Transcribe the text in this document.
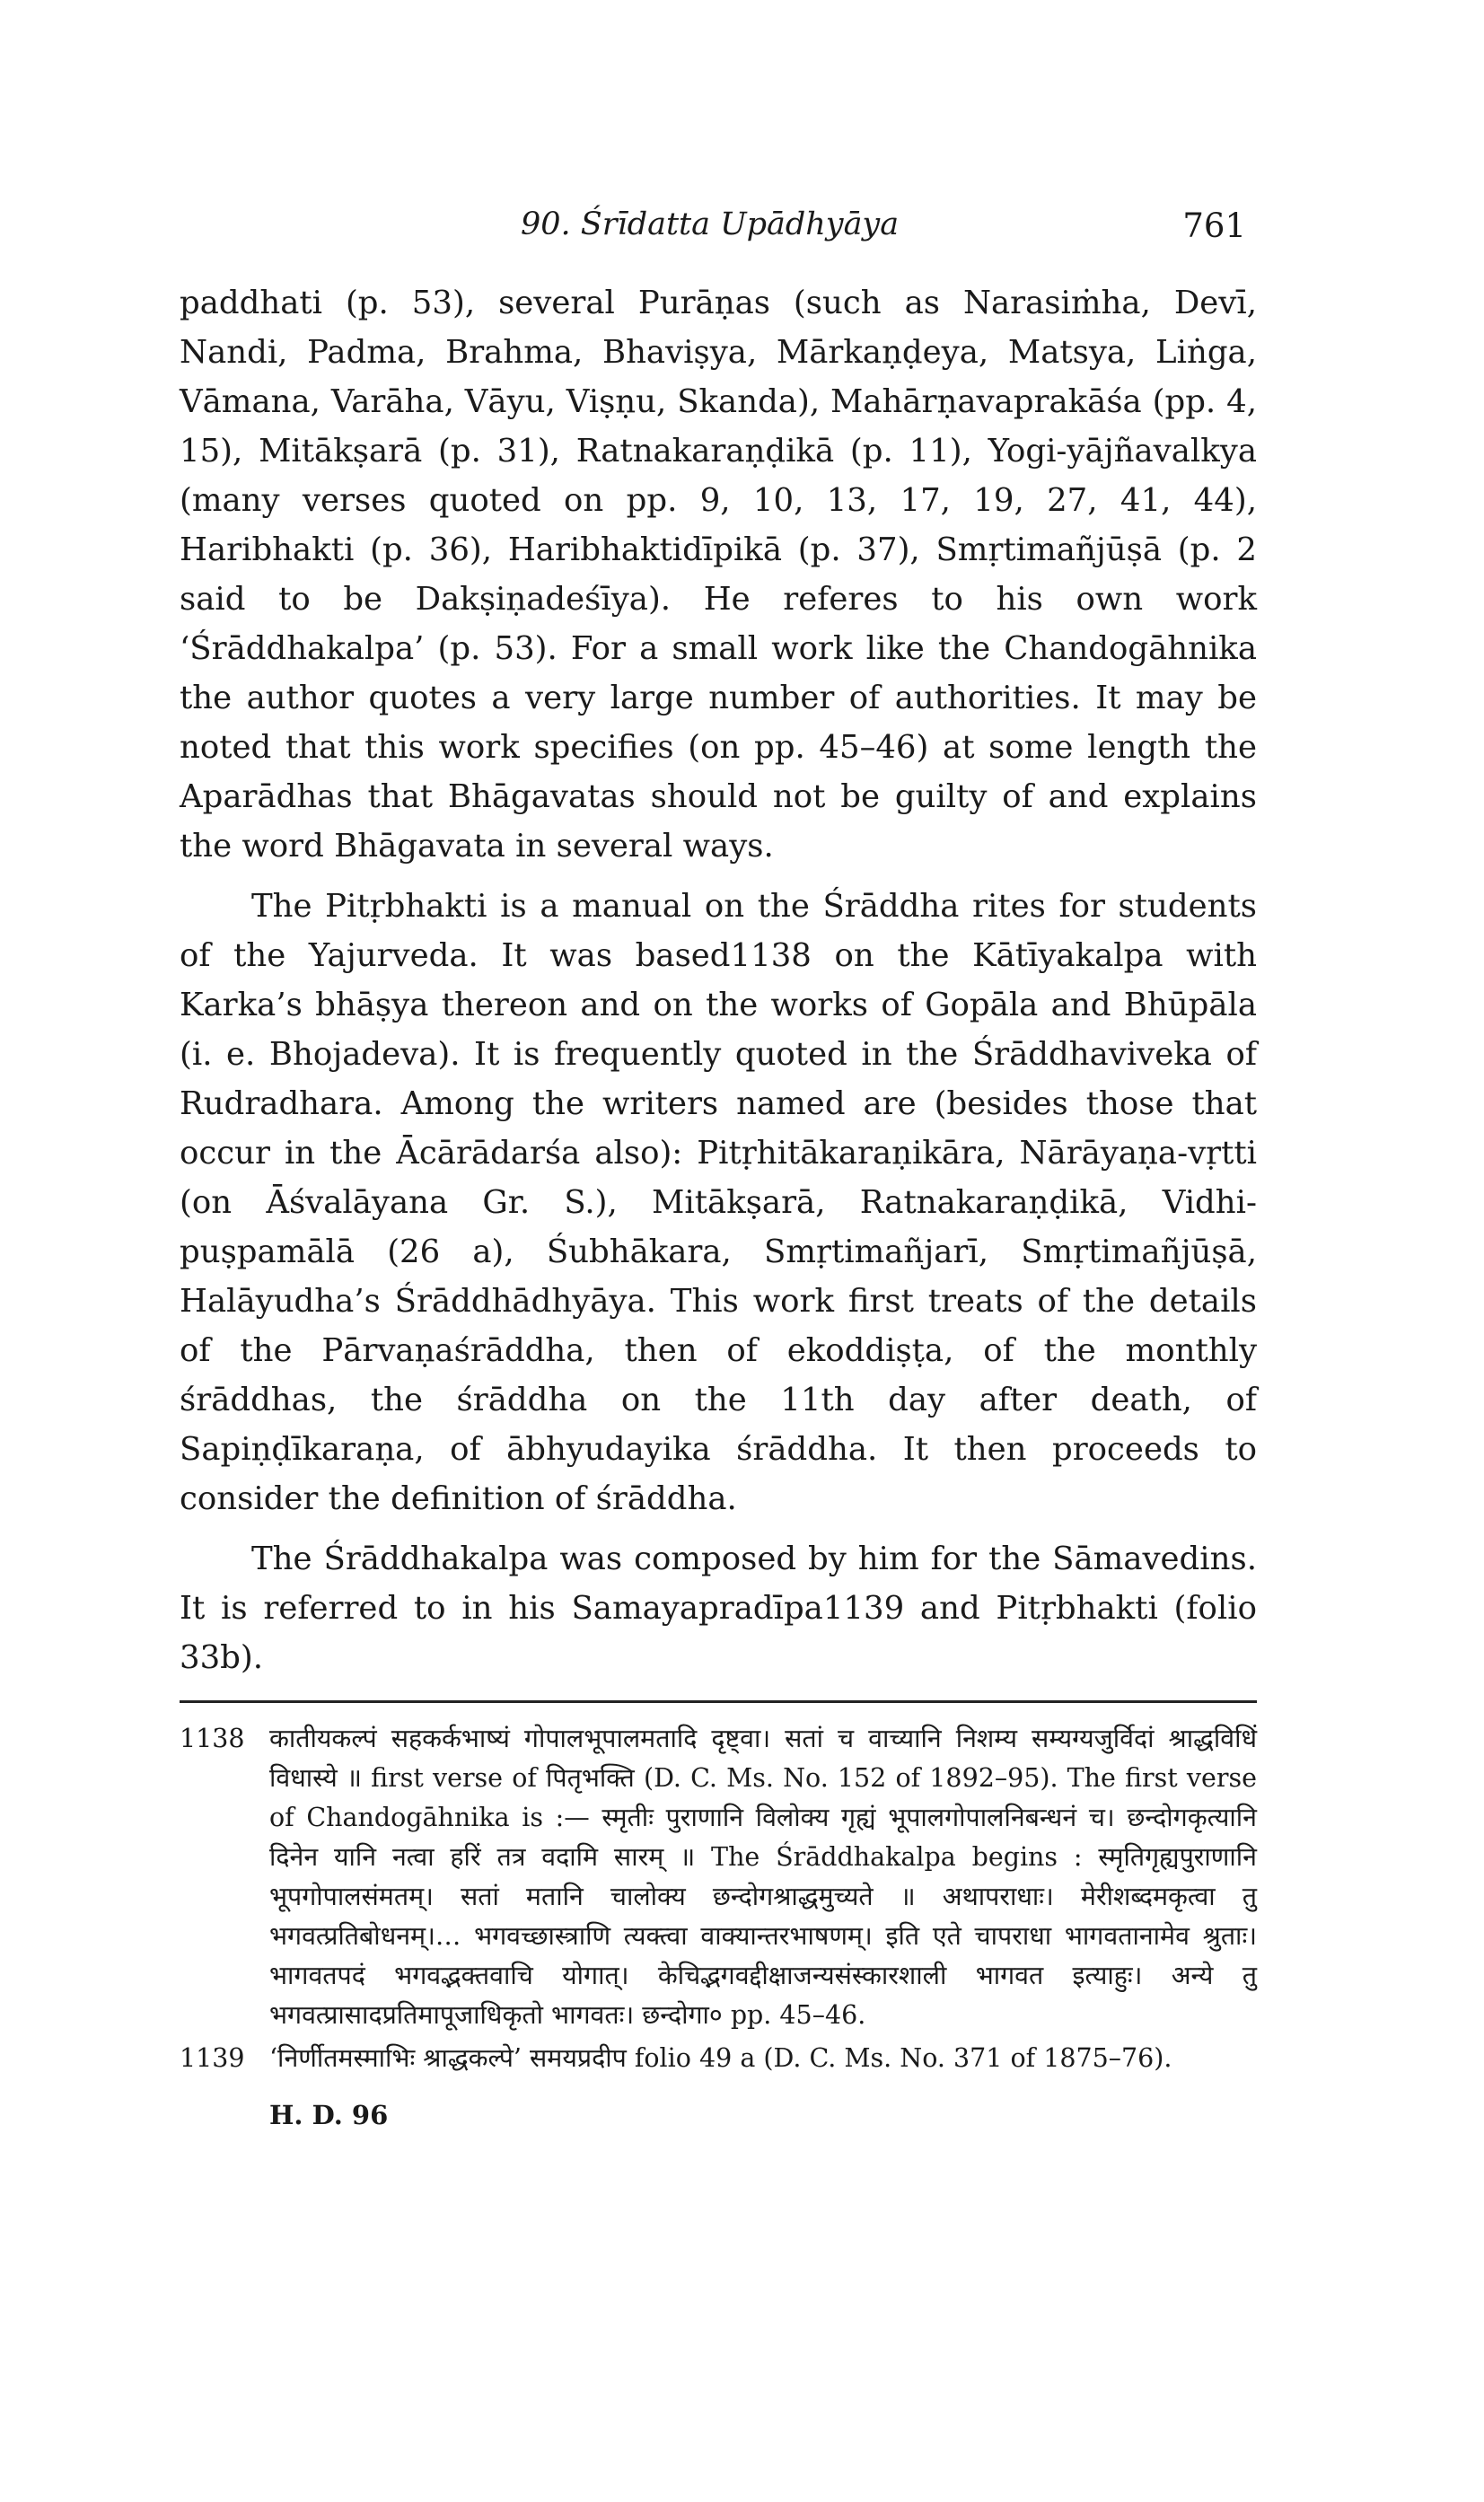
90. Śrīdatta Upādhyāya	761

paddhati (p. 53), several Purāṇas (such as Narasiṁha, Devī, Nandi, Padma, Brahma, Bhaviṣya, Mārkaṇḍeya, Matsya, Liṅga, Vāmana, Varāha, Vāyu, Viṣṇu, Skanda), Mahārṇavaprakāśa (pp. 4, 15), Mitākṣarā (p. 31), Ratnakaraṇḍikā (p. 11), Yogi-yājñavalkya (many verses quoted on pp. 9, 10, 13, 17, 19, 27, 41, 44), Haribhakti (p. 36), Haribhaktidīpikā (p. 37), Smṛtimañjūṣā (p. 2 said to be Dakṣiṇadeśīya). He referes to his own work ‘Śrāddhakalpa’ (p. 53). For a small work like the Chandogāhnika the author quotes a very large number of authorities. It may be noted that this work specifies (on pp. 45–46) at some length the Aparādhas that Bhāgavatas should not be guilty of and explains the word Bhāgavata in several ways.

The Pitṛbhakti is a manual on the Śrāddha rites for students of the Yajurveda. It was based1138 on the Kātīyakalpa with Karka’s bhāṣya thereon and on the works of Gopāla and Bhūpāla (i. e. Bhojadeva). It is frequently quoted in the Śrāddhaviveka of Rudradhara. Among the writers named are (besides those that occur in the Ācārādarśa also): Pitṛhitākaraṇikāra, Nārāyaṇa-vṛtti (on Āśvalāyana Gr. S.), Mitākṣarā, Ratnakaraṇḍikā, Vidhi-puṣpamālā (26 a), Śubhākara, Smṛtimañjarī, Smṛtimañjūṣā, Halāyudha’s Śrāddhādhyāya. This work first treats of the details of the Pārvaṇaśrāddha, then of ekoddiṣṭa, of the monthly śrāddhas, the śrāddha on the 11th day after death, of Sapiṇḍīkaraṇa, of ābhyudayika śrāddha. It then proceeds to consider the definition of śrāddha.

The Śrāddhakalpa was composed by him for the Sāmavedins. It is referred to in his Samayapradīpa1139 and Pitṛbhakti (folio 33b).

1138 कातीयकल्पं सहकर्कभाष्यं गोपालभूपालमतादि दृष्ट्वा। सतां च वाच्यानि निशम्य सम्यग्यजुर्विदां श्राद्धविधिं विधास्ये ॥ first verse of पितृभक्ति (D. C. Ms. No. 152 of 1892–95). The first verse of Chandogāhnika is :— स्मृतीः पुराणानि विलोक्य गृह्यं भूपालगोपालनिबन्धनं च। छन्दोगकृत्यानि दिनेन यानि नत्वा हरिं तत्र वदामि सारम् ॥ The Śrāddhakalpa begins : स्मृतिगृह्यपुराणानि भूपगोपालसंमतम्। सतां मतानि चालोक्य छन्दोगश्राद्धमुच्यते ॥ अथापराधाः। मेरीशब्दमकृत्वा तु भगवत्प्रतिबोधनम्।… भगवच्छास्त्राणि त्यक्त्वा वाक्यान्तरभाषणम्। इति एते चापराधा भागवतानामेव श्रुताः। भागवतपदं भगवद्भक्तवाचि योगात्। केचिद्भगवद्दीक्षाजन्यसंस्कारशाली भागवत इत्याहुः। अन्ये तु भगवत्प्रासादप्रतिमापूजाधिकृतो भागवतः। छन्दोगा० pp. 45–46.
1139 ‘निर्णीतमस्माभिः श्राद्धकल्पे’ समयप्रदीप folio 49 a (D. C. Ms. No. 371 of 1875–76).
H. D. 96
